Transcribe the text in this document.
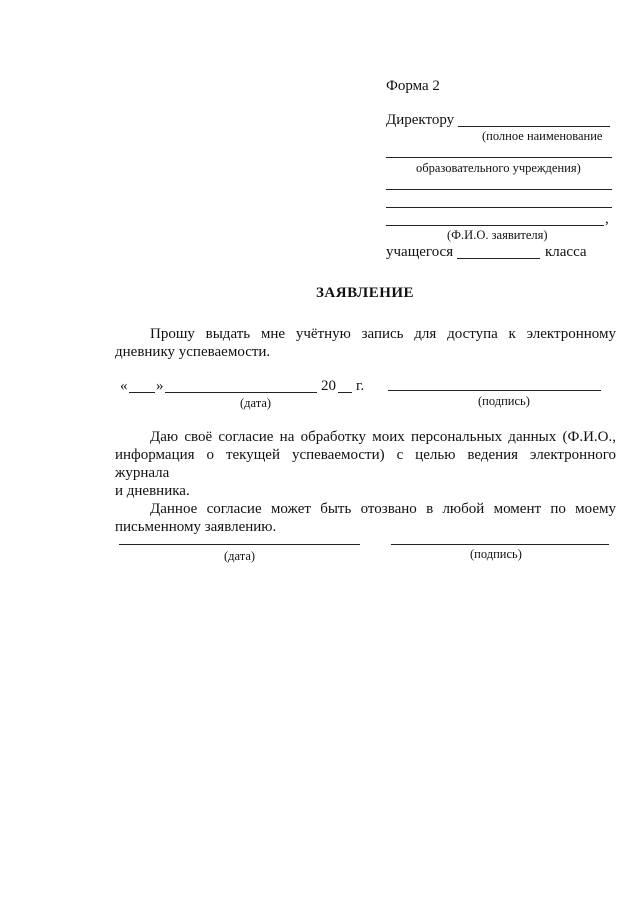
Форма 2
Директору
(полное наименование
образовательного учреждения)
,
(Ф.И.О. заявителя)
учащегося	класса
ЗАЯВЛЕНИЕ
Прошу выдать мне учётную запись для доступа к электронному
дневнику успеваемости.
« »	20 г.
(дата)	(подпись)
Даю своё согласие на обработку моих персональных данных (Ф.И.О.,
информация о текущей успеваемости) с целью ведения электронного журнала
и дневника.
Данное согласие может быть отозвано в любой момент по моему
письменному заявлению.
(дата)	(подпись)
